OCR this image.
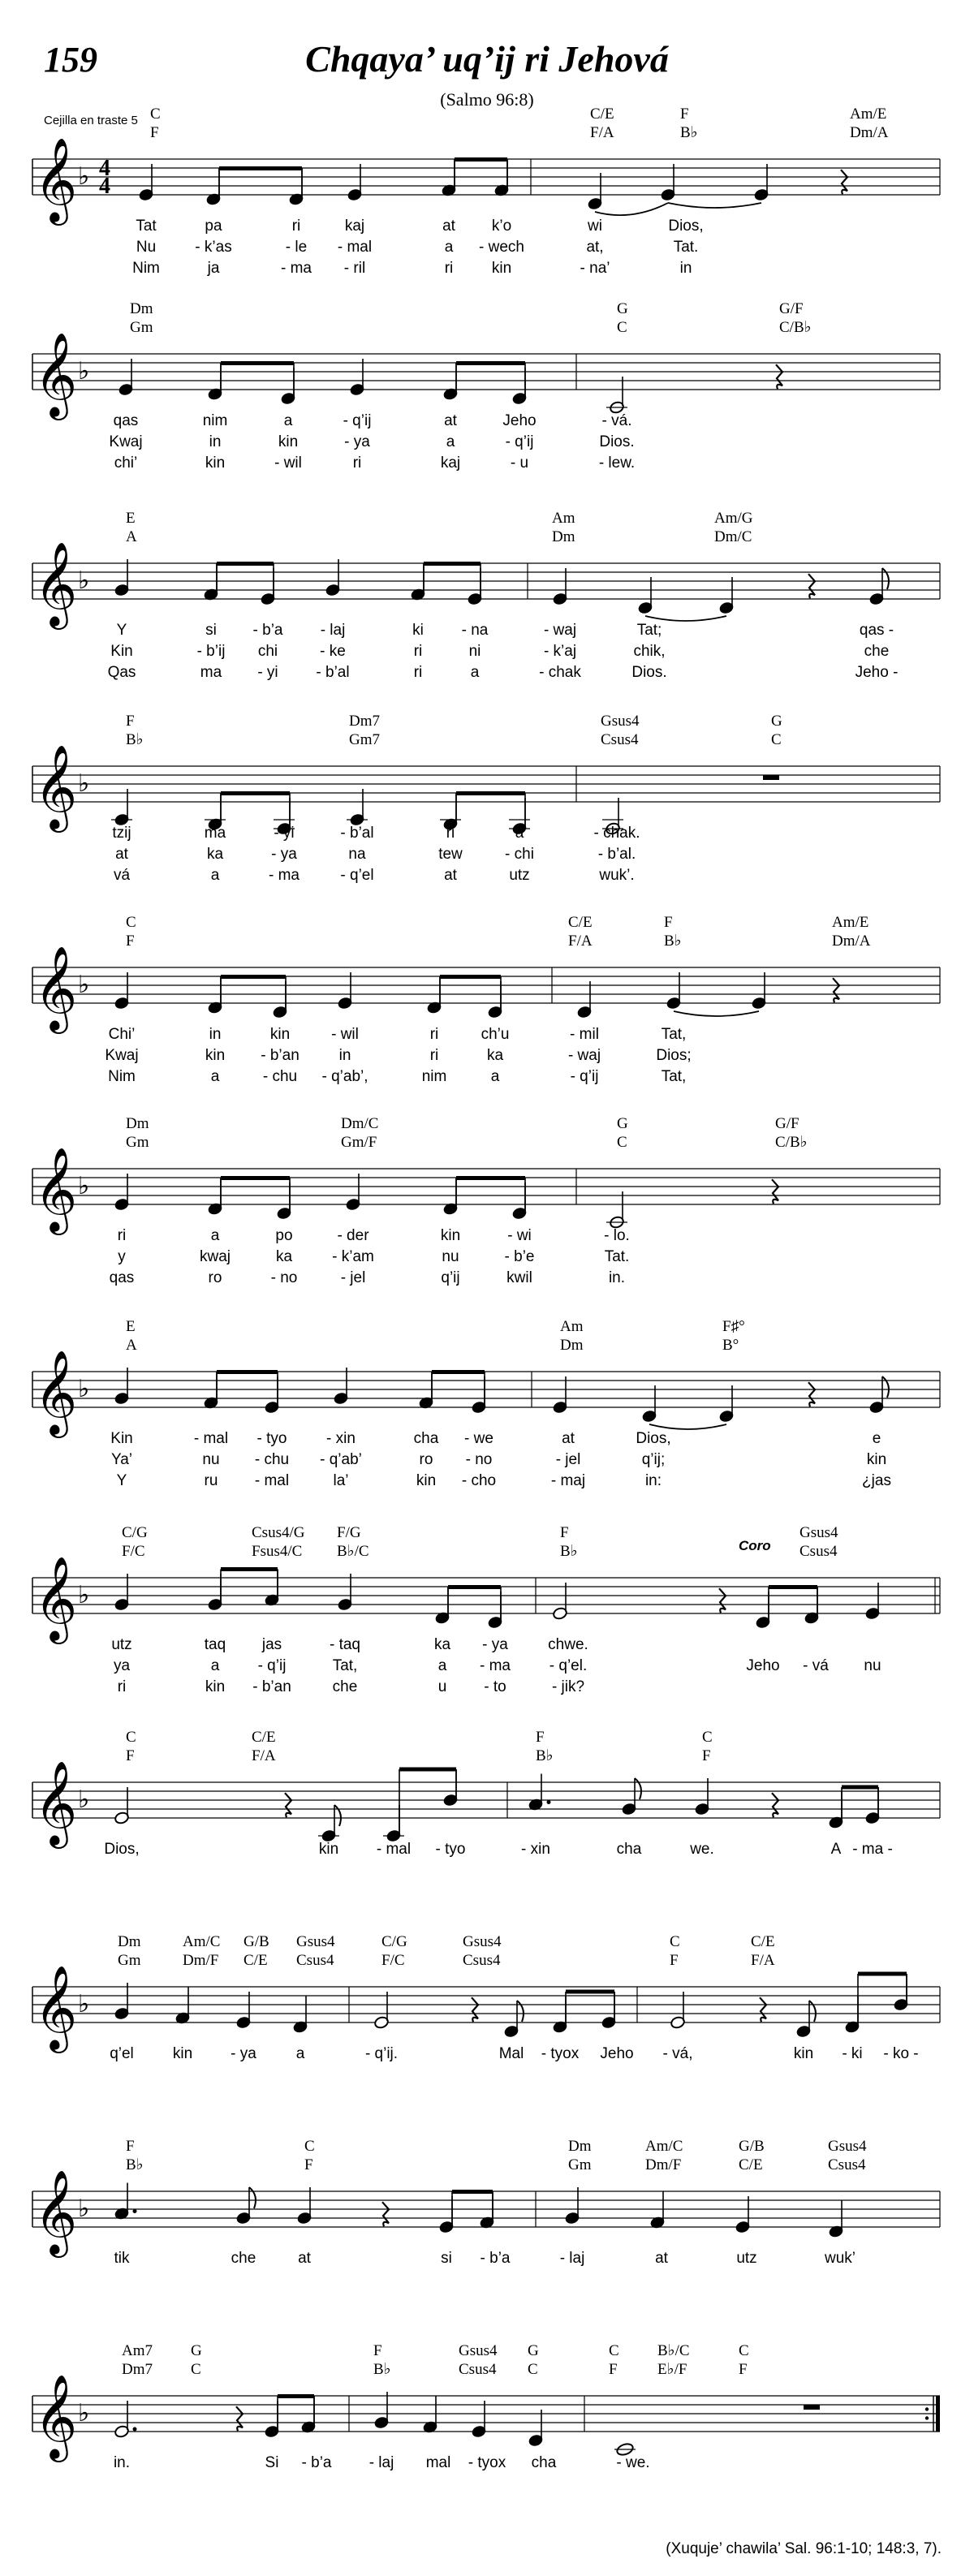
159	Chqaya’ uq’ij ri Jehová
(Salmo 96:8)
Cejilla en traste 5
𝄞 ♭ 4
4
C	C/E	F	Am/E
F	F/A	B♭	Dm/A
Tat	pa	ri	kaj	at k’o	wi	Dios,
Nu	- k’as	- le - mal	a - wech	at,	Tat.
Nim	ja	- ma - ril	ri	kin	- na’	in
𝄞 ♭
Dm	G	G/F
Gm	C	C/B♭
qas	nim	a	- q’ij	at	Jeho	- vá.
Kwaj	in	kin	- ya	a	- q’ij	Dios.
chi’	kin	- wil	ri	kaj	- u	- lew.
𝄞 ♭
E	Am	Am/G
A	Dm	Dm/C
Y	si - b’a - laj	ki - na	- waj	Tat;	qas -
Kin	- b’ij chi	- ke	ri	ni	- k’aj	chik,	che
Qas	ma - yi - b’al	ri	a	- chak	Dios.	Jeho -
𝄞 ♭
F	Dm7	Gsus4	G
B♭	Gm7	Csus4	C
tzij	ma	- yi	- b’al	ri	a	- chak.
at	ka	- ya	na	tew	- chi	- b’al.
vá	a	- ma	- q’el	at	utz	wuk’.
𝄞 ♭
C	C/E	F	Am/E
F	F/A	B♭	Dm/A
Chi’	in	kin	- wil	ri	ch’u	- mil	Tat,
Kwaj	kin - b’an	in	ri	ka	- waj	Dios;
Nim	a	- chu - q’ab’,	nim	a	- q’ij	Tat,
𝄞 ♭
Dm	Dm/C	G	G/F
Gm	Gm/F	C	C/B♭
ri	a	po	- der	kin	- wi	- lo.
y	kwaj	ka	- k’am	nu	- b’e	Tat.
qas	ro	- no	- jel	q’ij	kwil	in.
𝄞 ♭
E	Am	F♯°
A	Dm	B°
Kin	- mal - tyo	- xin	cha - we	at	Dios,	e
Ya’	nu - chu - q’ab’	ro - no	- jel	q’ij;	kin
Y	ru - mal	la’	kin - cho	- maj	in:	¿jas
𝄞 ♭
C/G	Csus4/G F/G	F	Gsus4
F/C	Fsus4/C B♭/C	B♭	Csus4
Coro
utz	taq jas	- taq	ka - ya	chwe.
ya	a - q’ij	Tat,	a - ma	- q’el.	Jeho - vá nu
ri	kin - b’an	che	u - to	- jik?
𝄞 ♭
C	C/E	F	C
F	F/A	B♭	F
Dios,	kin - mal - tyo	- xin	cha	we.	A - ma -
𝄞 ♭
Dm	Am/C G/B Gsus4	C/G	Gsus4	C	C/E
Gm	Dm/F C/E Csus4	F/C	Csus4	F	F/A
q’el	kin - ya	a	- q’ij.	Mal - tyox Jeho - vá,	kin - ki - ko -
𝄞 ♭
F	C	Dm	Am/C	G/B	Gsus4
B♭	F	Gm	Dm/F	C/E	Csus4
tik	che	at	si - b’a	- laj	at	utz	wuk’
𝄞 ♭
Am7 G	F	Gsus4 G	C B♭/C	C
Dm7 C	B♭	Csus4 C	F	E♭/F	F
in.	Si - b’a - laj mal - tyox cha	- we.
(Xuquje’ chawila’ Sal. 96:1-10; 148:3, 7).
